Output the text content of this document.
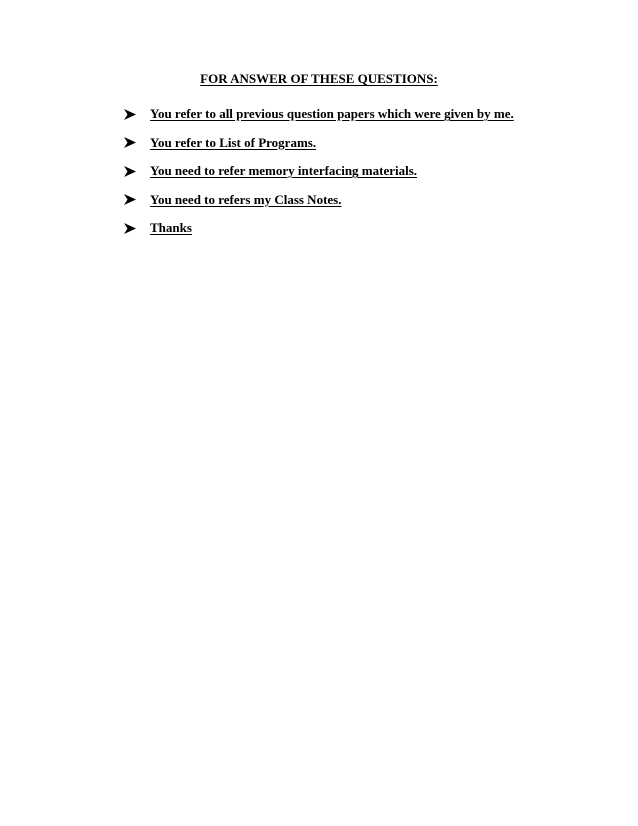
FOR ANSWER OF THESE QUESTIONS:
You refer to all previous question papers which were given by me.
You refer to List of Programs.
You need to refer memory interfacing materials.
You need to refers my Class Notes.
Thanks
